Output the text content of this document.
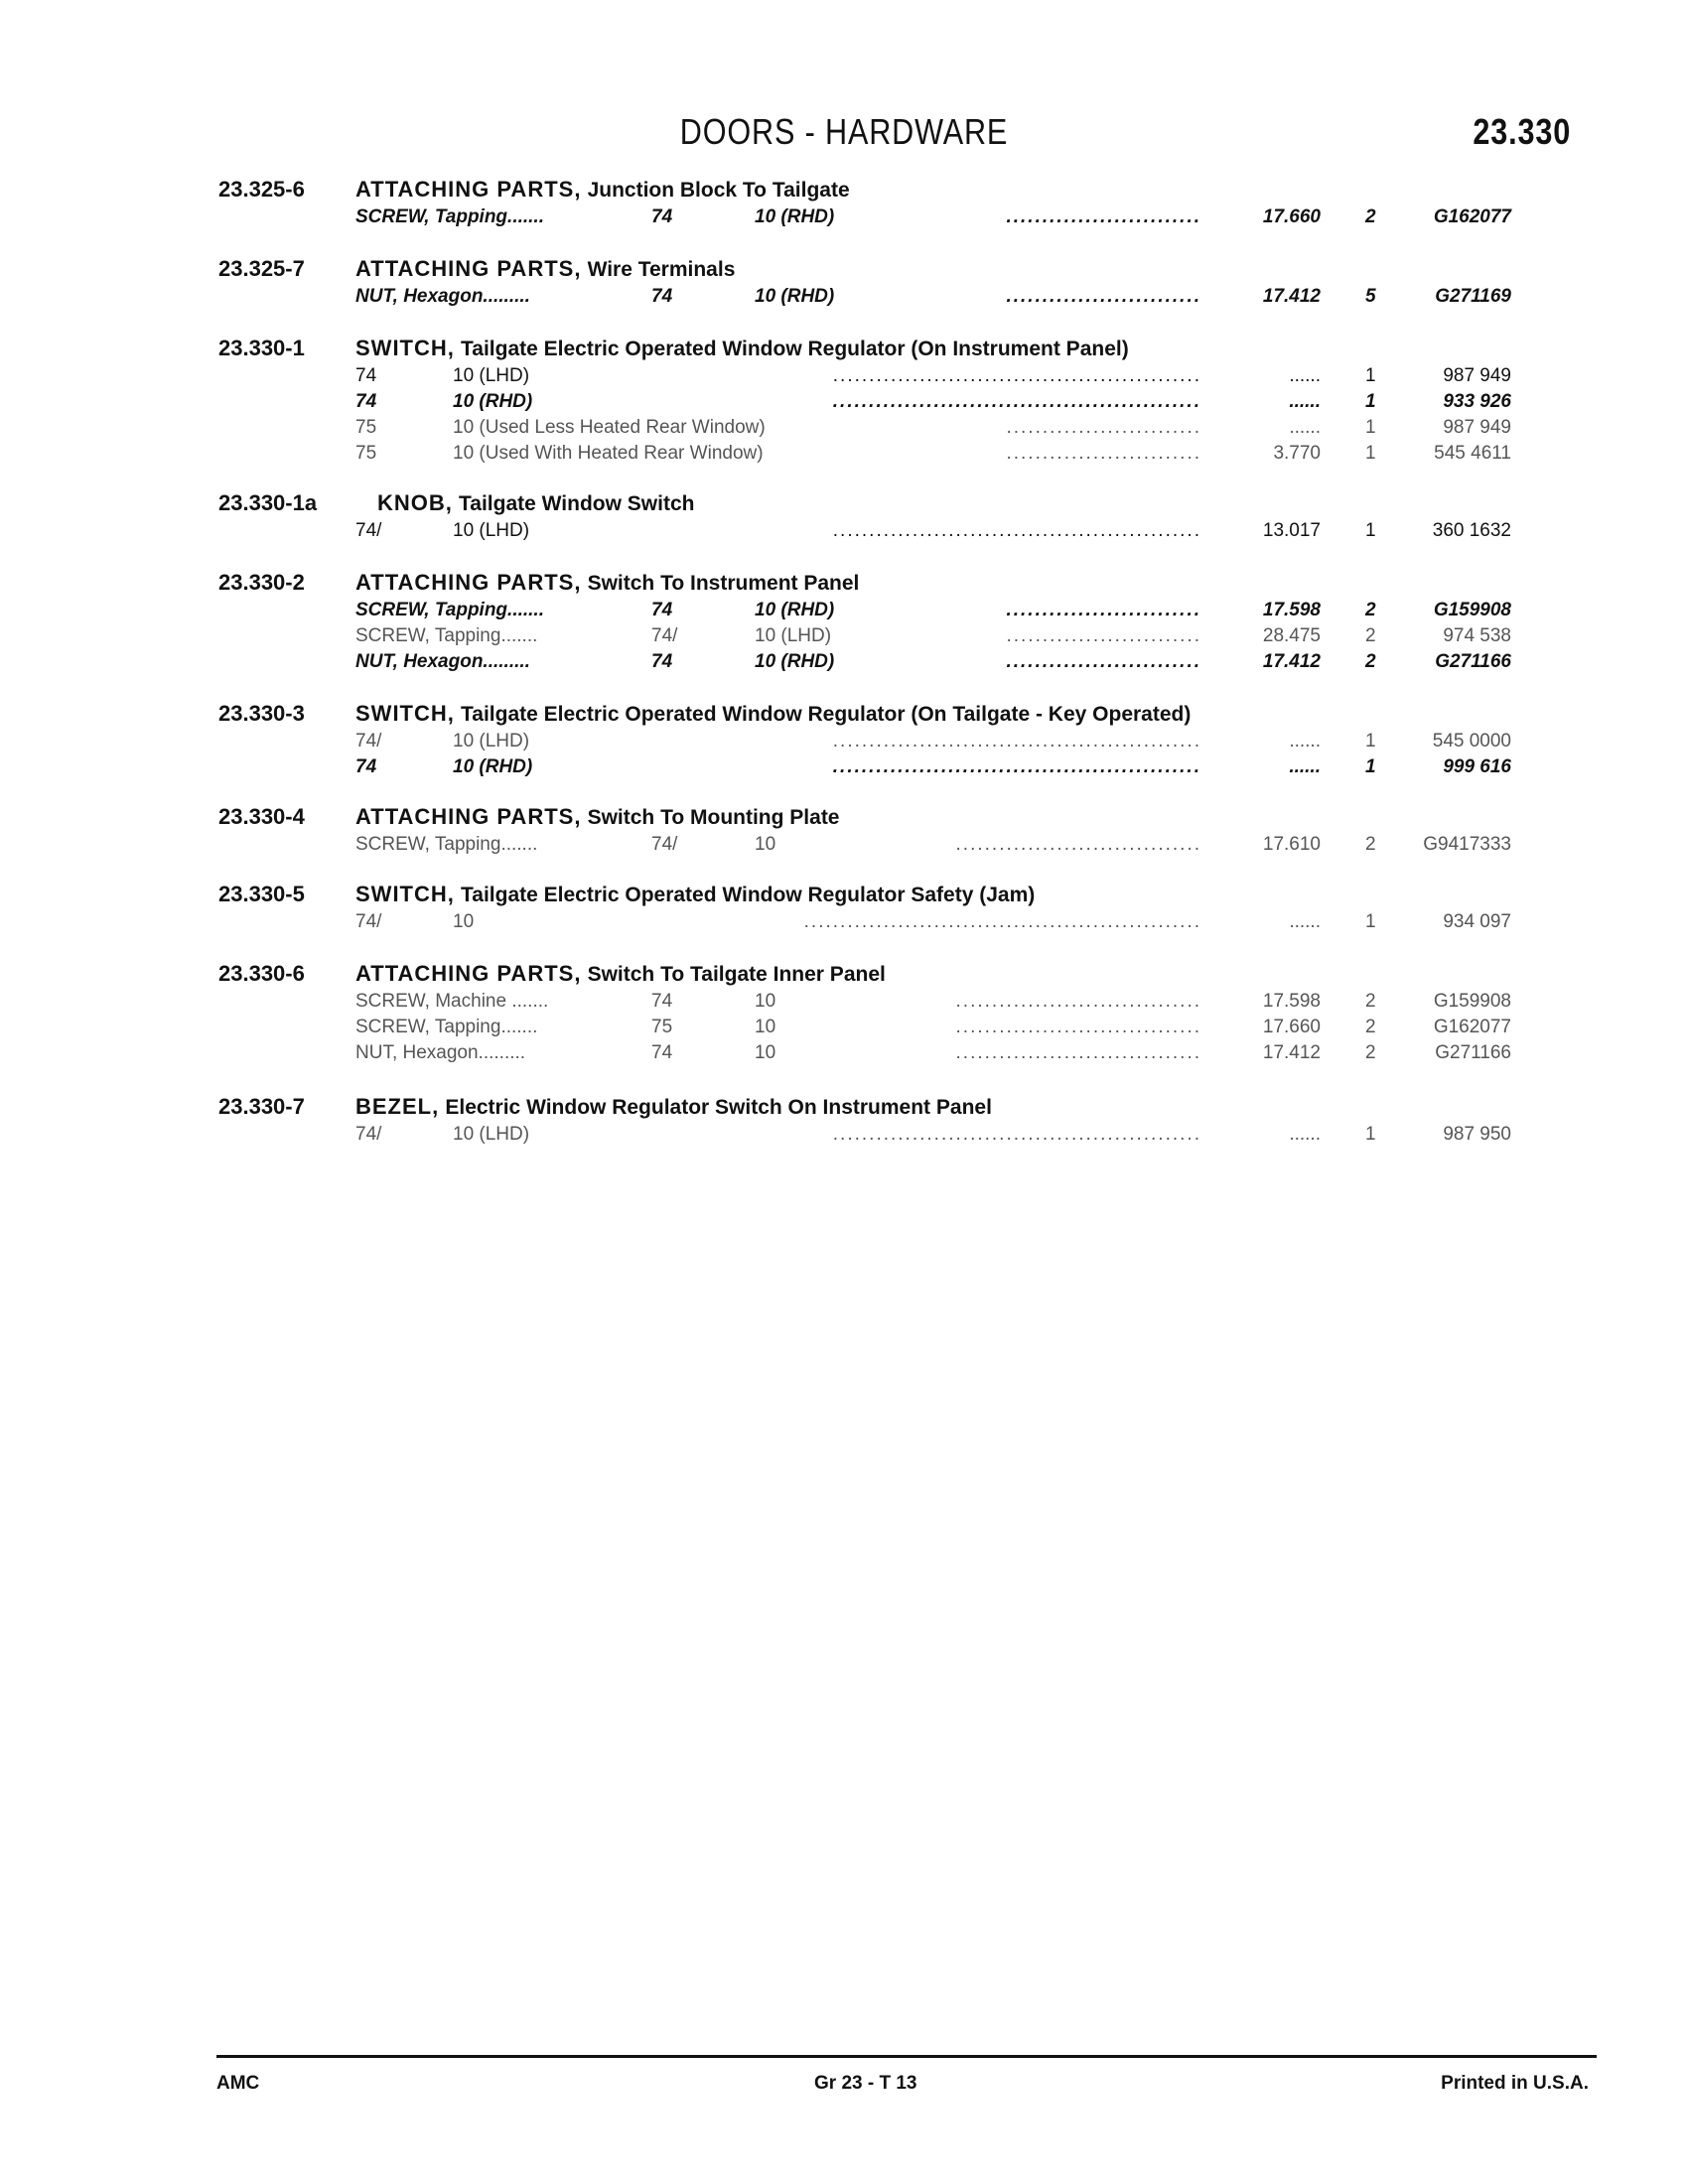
DOORS - HARDWARE	23.330
23.325-6 ATTACHING PARTS, Junction Block To Tailgate
SCREW, Tapping.......	74	10 (RHD)	...........................	17.660 2	G162077
23.325-7 ATTACHING PARTS, Wire Terminals
NUT, Hexagon.........	74	10 (RHD)	...........................	17.412 5	G271169
23.330-1 SWITCH, Tailgate Electric Operated Window Regulator (On Instrument Panel)
74	10 (LHD)	...................................................	...... 1	987 949
74	10 (RHD)	...................................................	...... 1	933 926
75	10 (Used Less Heated Rear Window)	...........................	...... 1	987 949
75	10 (Used With Heated Rear Window)	...........................	3.770 1	545 4611
23.330-1a	KNOB, Tailgate Window Switch
74/	10 (LHD)	...................................................	13.017 1	360 1632
23.330-2 ATTACHING PARTS, Switch To Instrument Panel
SCREW, Tapping.......	74	10 (RHD)	...........................	17.598 2	G159908
SCREW, Tapping.......	74/	10 (LHD)	...........................	28.475 2	974 538
NUT, Hexagon.........	74	10 (RHD)	...........................	17.412 2	G271166
23.330-3 SWITCH, Tailgate Electric Operated Window Regulator (On Tailgate - Key Operated)
74/	10 (LHD)	...................................................	...... 1	545 0000
74	10 (RHD)	...................................................	...... 1	999 616
23.330-4 ATTACHING PARTS, Switch To Mounting Plate
SCREW, Tapping.......	74/	10	..................................	17.610 2	G9417333
23.330-5 SWITCH, Tailgate Electric Operated Window Regulator Safety (Jam)
74/	10	.......................................................	...... 1	934 097
23.330-6 ATTACHING PARTS, Switch To Tailgate Inner Panel
SCREW, Machine .......	74	10	..................................	17.598 2	G159908
SCREW, Tapping.......	75	10	..................................	17.660 2	G162077
NUT, Hexagon.........	74	10	..................................	17.412 2	G271166
23.330-7 BEZEL, Electric Window Regulator Switch On Instrument Panel
74/	10 (LHD)	...................................................	...... 1	987 950
AMC	Gr 23 - T 13	Printed in U.S.A.
